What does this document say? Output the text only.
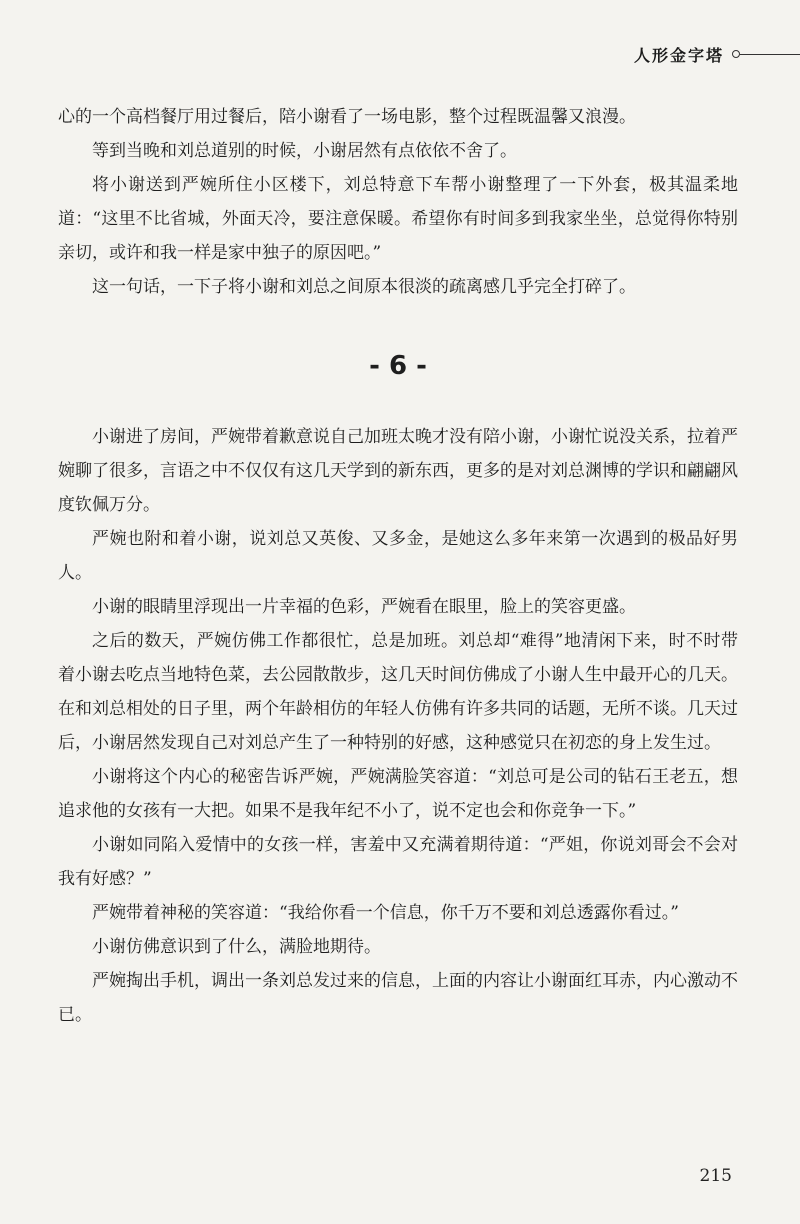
人形金字塔

心的一个高档餐厅用过餐后，陪小谢看了一场电影，整个过程既温馨又浪漫。

等到当晚和刘总道别的时候，小谢居然有点依依不舍了。

将小谢送到严婉所住小区楼下，刘总特意下车帮小谢整理了一下外套，极其温柔地道：“这里不比省城，外面天冷，要注意保暖。希望你有时间多到我家坐坐，总觉得你特别亲切，或许和我一样是家中独子的原因吧。”

这一句话，一下子将小谢和刘总之间原本很淡的疏离感几乎完全打碎了。

- 6 -

小谢进了房间，严婉带着歉意说自己加班太晚才没有陪小谢，小谢忙说没关系，拉着严婉聊了很多，言语之中不仅仅有这几天学到的新东西，更多的是对刘总渊博的学识和翩翩风度钦佩万分。

严婉也附和着小谢，说刘总又英俊、又多金，是她这么多年来第一次遇到的极品好男人。

小谢的眼睛里浮现出一片幸福的色彩，严婉看在眼里，脸上的笑容更盛。

之后的数天，严婉仿佛工作都很忙，总是加班。刘总却“难得”地清闲下来，时不时带着小谢去吃点当地特色菜，去公园散散步，这几天时间仿佛成了小谢人生中最开心的几天。在和刘总相处的日子里，两个年龄相仿的年轻人仿佛有许多共同的话题，无所不谈。几天过后，小谢居然发现自己对刘总产生了一种特别的好感，这种感觉只在初恋的身上发生过。

小谢将这个内心的秘密告诉严婉，严婉满脸笑容道：“刘总可是公司的钻石王老五，想追求他的女孩有一大把。如果不是我年纪不小了，说不定也会和你竞争一下。”

小谢如同陷入爱情中的女孩一样，害羞中又充满着期待道：“严姐，你说刘哥会不会对我有好感？”

严婉带着神秘的笑容道：“我给你看一个信息，你千万不要和刘总透露你看过。”

小谢仿佛意识到了什么，满脸地期待。

严婉掏出手机，调出一条刘总发过来的信息，上面的内容让小谢面红耳赤，内心激动不已。

215
